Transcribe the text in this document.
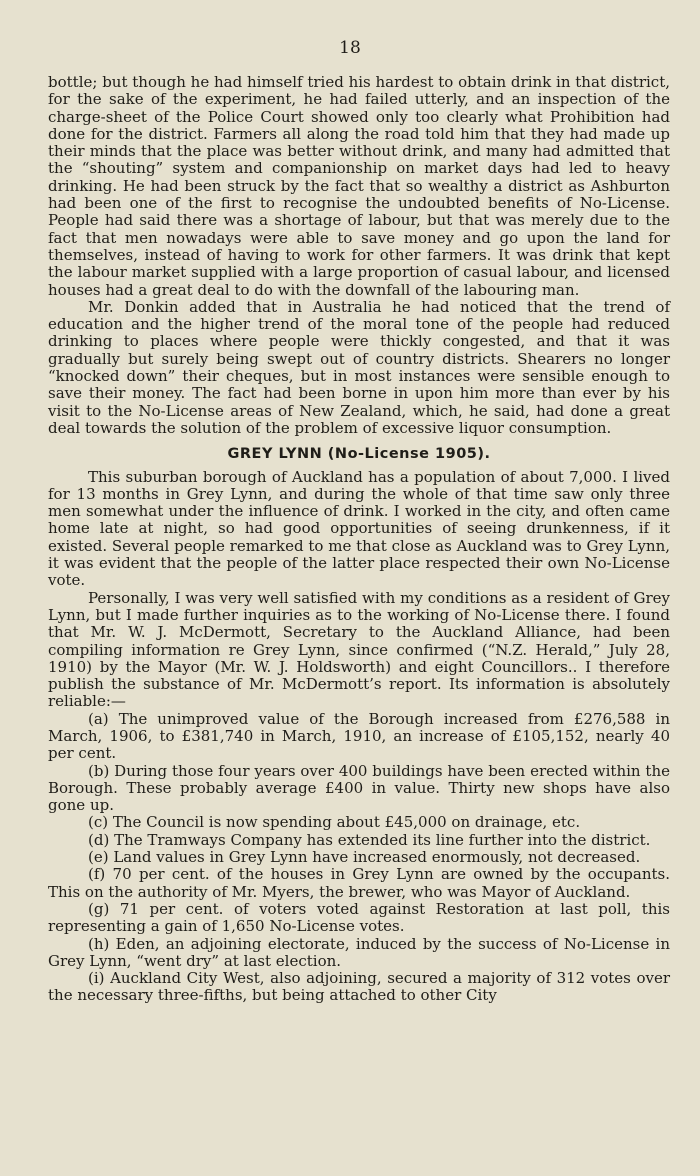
18

bottle; but though he had himself tried his hardest to obtain drink in that district, for the sake of the experiment, he had failed utterly, and an inspection of the charge-sheet of the Police Court showed only too clearly what Prohibition had done for the district. Farmers all along the road told him that they had made up their minds that the place was better without drink, and many had admitted that the “shouting” system and companionship on market days had led to heavy drinking. He had been struck by the fact that so wealthy a district as Ashburton had been one of the first to recognise the undoubted benefits of No-License. People had said there was a shortage of labour, but that was merely due to the fact that men nowadays were able to save money and go upon the land for themselves, instead of having to work for other farmers. It was drink that kept the labour market supplied with a large proportion of casual labour, and licensed houses had a great deal to do with the downfall of the labouring man.

Mr. Donkin added that in Australia he had noticed that the trend of education and the higher trend of the moral tone of the people had reduced drinking to places where people were thickly congested, and that it was gradually but surely being swept out of country districts. Shearers no longer “knocked down” their cheques, but in most instances were sensible enough to save their money. The fact had been borne in upon him more than ever by his visit to the No-License areas of New Zealand, which, he said, had done a great deal towards the solution of the problem of excessive liquor consumption.

GREY LYNN (No-License 1905).

This suburban borough of Auckland has a population of about 7,000. I lived for 13 months in Grey Lynn, and during the whole of that time saw only three men somewhat under the influence of drink. I worked in the city, and often came home late at night, so had good opportunities of seeing drunkenness, if it existed. Several people remarked to me that close as Auckland was to Grey Lynn, it was evident that the people of the latter place respected their own No-License vote.

Personally, I was very well satisfied with my conditions as a resident of Grey Lynn, but I made further inquiries as to the working of No-License there. I found that Mr. W. J. McDermott, Secretary to the Auckland Alliance, had been compiling information re Grey Lynn, since confirmed (“N.Z. Herald,” July 28, 1910) by the Mayor (Mr. W. J. Holdsworth) and eight Councillors.. I therefore publish the substance of Mr. McDermott’s report. Its information is absolutely reliable:—

(a) The unimproved value of the Borough increased from £276,588 in March, 1906, to £381,740 in March, 1910, an increase of £105,152, nearly 40 per cent.

(b) During those four years over 400 buildings have been erected within the Borough. These probably average £400 in value. Thirty new shops have also gone up.

(c) The Council is now spending about £45,000 on drainage, etc.

(d) The Tramways Company has extended its line further into the district.

(e) Land values in Grey Lynn have increased enormously, not decreased.

(f) 70 per cent. of the houses in Grey Lynn are owned by the occupants. This on the authority of Mr. Myers, the brewer, who was Mayor of Auckland.

(g) 71 per cent. of voters voted against Restoration at last poll, this representing a gain of 1,650 No-License votes.

(h) Eden, an adjoining electorate, induced by the success of No-License in Grey Lynn, “went dry” at last election.

(i) Auckland City West, also adjoining, secured a majority of 312 votes over the necessary three-fifths, but being attached to other City
